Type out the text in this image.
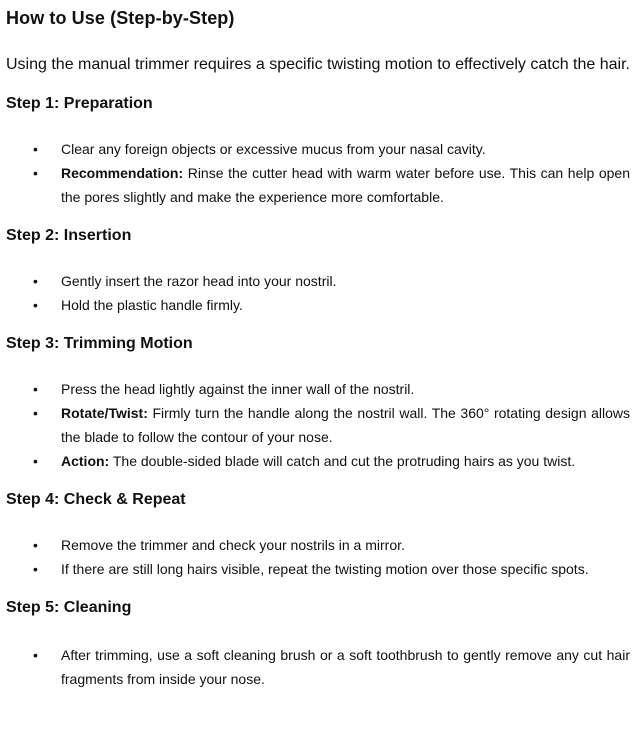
How to Use (Step-by-Step)

Using the manual trimmer requires a specific twisting motion to effectively catch the hair.

Step 1: Preparation
• Clear any foreign objects or excessive mucus from your nasal cavity.
• Recommendation: Rinse the cutter head with warm water before use. This can help open the pores slightly and make the experience more comfortable.
Step 2: Insertion
• Gently insert the razor head into your nostril.
• Hold the plastic handle firmly.
Step 3: Trimming Motion
• Press the head lightly against the inner wall of the nostril.
• Rotate/Twist: Firmly turn the handle along the nostril wall. The 360° rotating design allows the blade to follow the contour of your nose.
• Action: The double-sided blade will catch and cut the protruding hairs as you twist.
Step 4: Check & Repeat
• Remove the trimmer and check your nostrils in a mirror.
• If there are still long hairs visible, repeat the twisting motion over those specific spots.
Step 5: Cleaning
• After trimming, use a soft cleaning brush or a soft toothbrush to gently remove any cut hair fragments from inside your nose.
